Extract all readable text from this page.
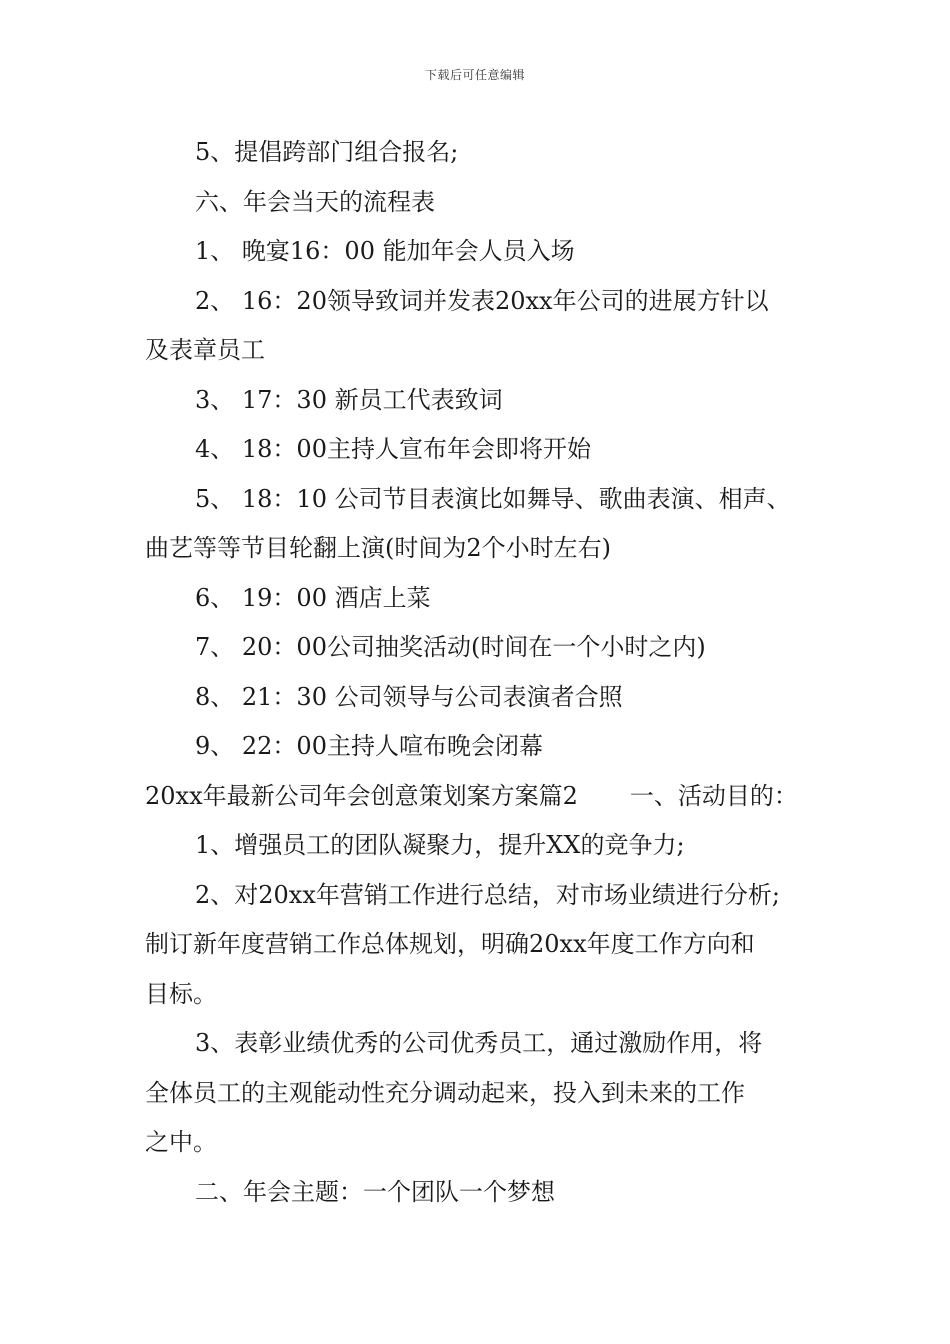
下载后可任意编辑

5、提倡跨部门组合报名;

六、年会当天的流程表

1、 晚宴16：00 能加年会人员入场

2、 16：20领导致词并发表20xx年公司的进展方针以

及表章员工

3、 17：30 新员工代表致词

4、 18：00主持人宣布年会即将开始

5、 18：10 公司节目表演比如舞导、歌曲表演、相声、

曲艺等等节目轮翻上演(时间为2个小时左右)

6、 19：00 酒店上菜

7、 20：00公司抽奖活动(时间在一个小时之内)

8、 21：30 公司领导与公司表演者合照

9、 22：00主持人喧布晚会闭幕

20xx年最新公司年会创意策划案方案篇2 一、活动目的：

1、增强员工的团队凝聚力，提升XX的竞争力;

2、对20xx年营销工作进行总结，对市场业绩进行分析;

制订新年度营销工作总体规划，明确20xx年度工作方向和

目标。

3、表彰业绩优秀的公司优秀员工，通过激励作用，将

全体员工的主观能动性充分调动起来，投入到未来的工作

之中。

二、年会主题：一个团队一个梦想
